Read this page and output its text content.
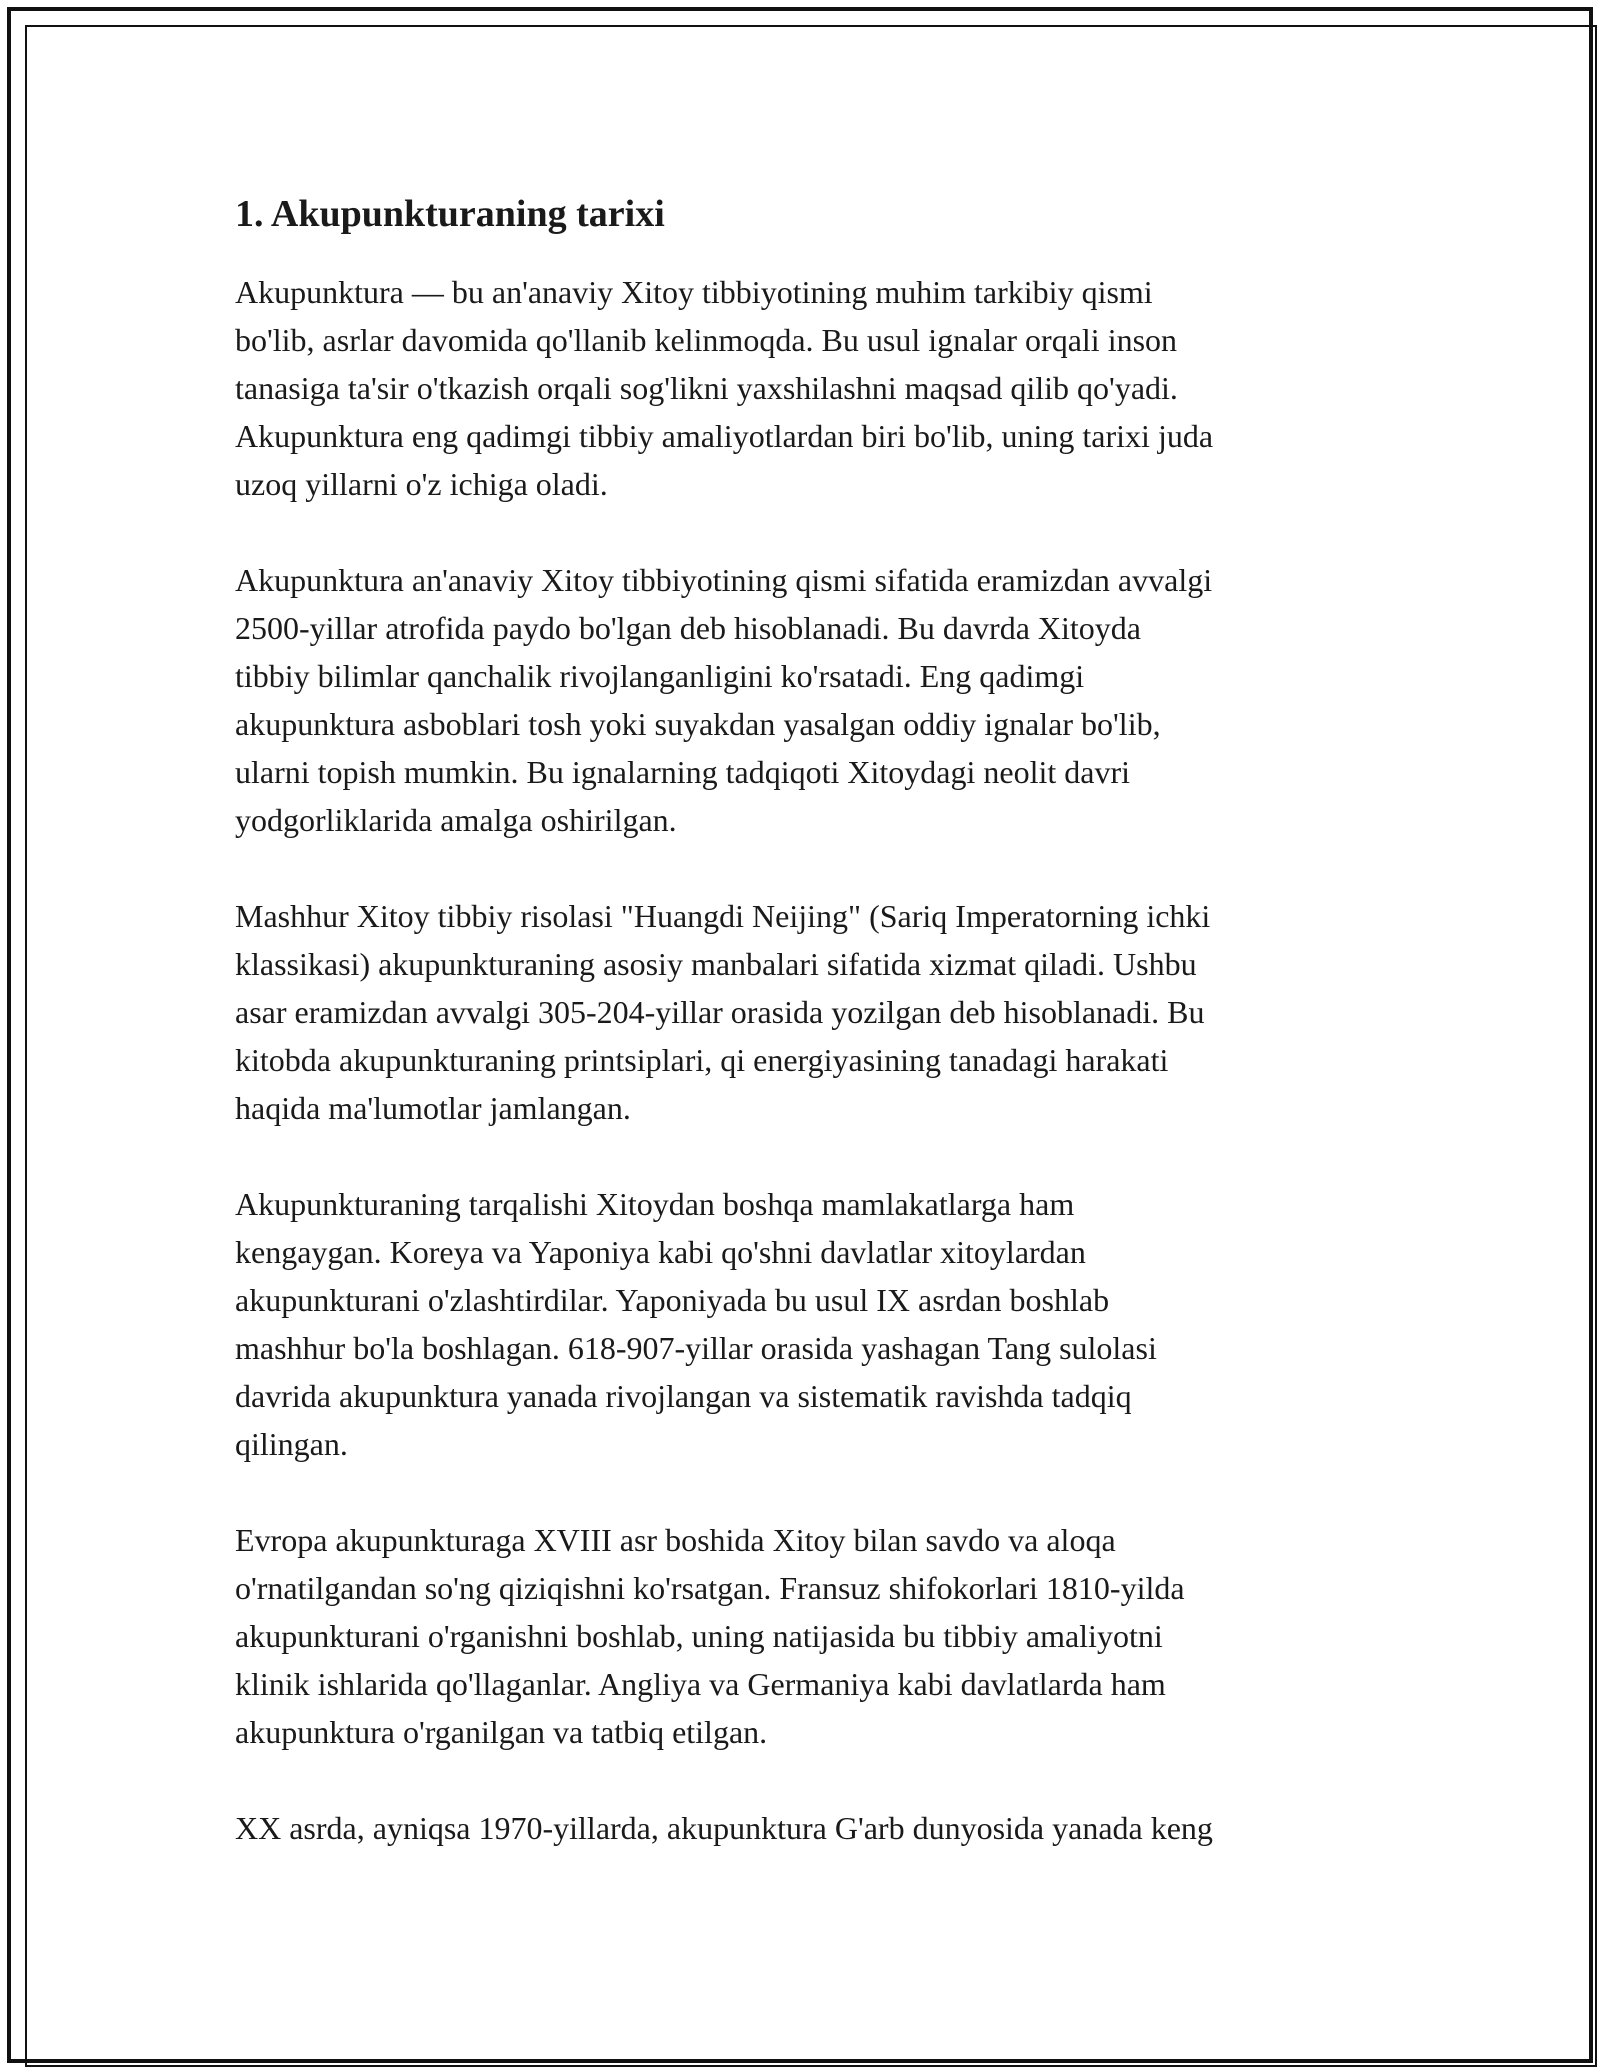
1. Akupunkturaning tarixi

Akupunktura — bu an'anaviy Xitoy tibbiyotining muhim tarkibiy qismi
bo'lib, asrlar davomida qo'llanib kelinmoqda. Bu usul ignalar orqali inson
tanasiga ta'sir o'tkazish orqali sog'likni yaxshilashni maqsad qilib qo'yadi.
Akupunktura eng qadimgi tibbiy amaliyotlardan biri bo'lib, uning tarixi juda
uzoq yillarni o'z ichiga oladi.

Akupunktura an'anaviy Xitoy tibbiyotining qismi sifatida eramizdan avvalgi
2500-yillar atrofida paydo bo'lgan deb hisoblanadi. Bu davrda Xitoyda
tibbiy bilimlar qanchalik rivojlanganligini ko'rsatadi. Eng qadimgi
akupunktura asboblari tosh yoki suyakdan yasalgan oddiy ignalar bo'lib,
ularni topish mumkin. Bu ignalarning tadqiqoti Xitoydagi neolit davri
yodgorliklarida amalga oshirilgan.

Mashhur Xitoy tibbiy risolasi "Huangdi Neijing" (Sariq Imperatorning ichki
klassikasi) akupunkturaning asosiy manbalari sifatida xizmat qiladi. Ushbu
asar eramizdan avvalgi 305-204-yillar orasida yozilgan deb hisoblanadi. Bu
kitobda akupunkturaning printsiplari, qi energiyasining tanadagi harakati
haqida ma'lumotlar jamlangan.

Akupunkturaning tarqalishi Xitoydan boshqa mamlakatlarga ham
kengaygan. Koreya va Yaponiya kabi qo'shni davlatlar xitoylardan
akupunkturani o'zlashtirdilar. Yaponiyada bu usul IX asrdan boshlab
mashhur bo'la boshlagan. 618-907-yillar orasida yashagan Tang sulolasi
davrida akupunktura yanada rivojlangan va sistematik ravishda tadqiq
qilingan.

Evropa akupunkturaga XVIII asr boshida Xitoy bilan savdo va aloqa
o'rnatilgandan so'ng qiziqishni ko'rsatgan. Fransuz shifokorlari 1810-yilda
akupunkturani o'rganishni boshlab, uning natijasida bu tibbiy amaliyotni
klinik ishlarida qo'llaganlar. Angliya va Germaniya kabi davlatlarda ham
akupunktura o'rganilgan va tatbiq etilgan.

XX asrda, ayniqsa 1970-yillarda, akupunktura G'arb dunyosida yanada keng
